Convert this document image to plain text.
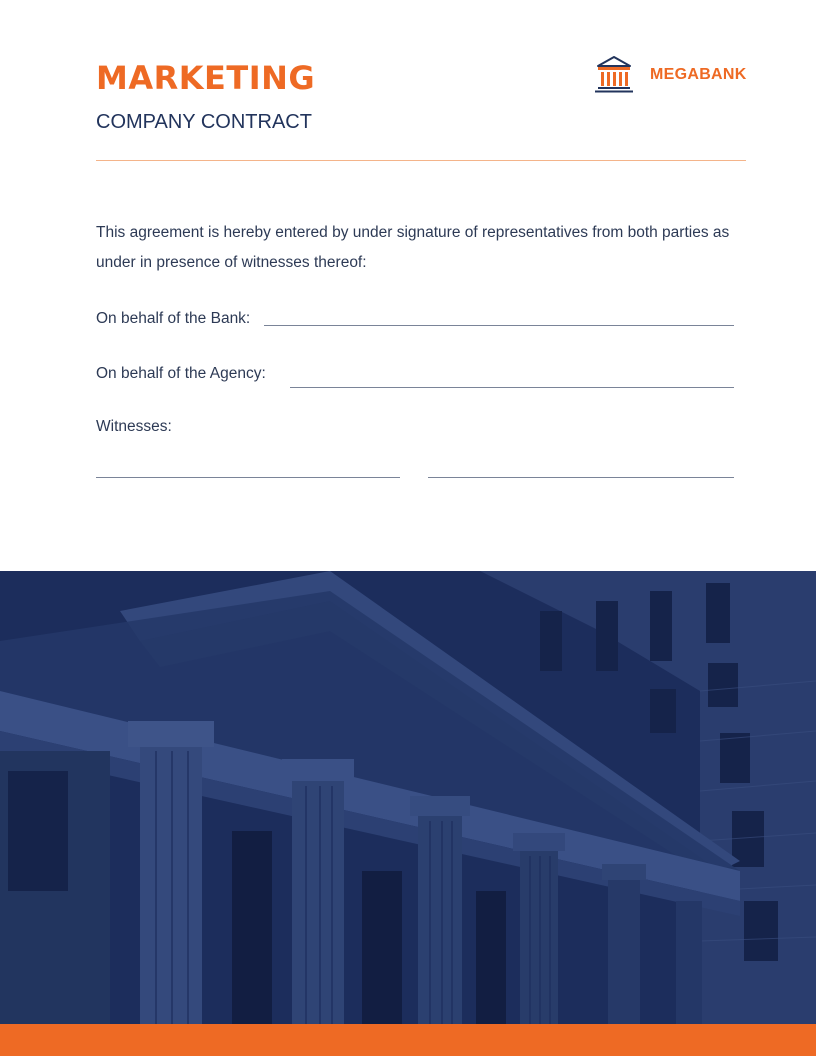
MARKETING
COMPANY CONTRACT
MEGABANK

This agreement is hereby entered by under signature of representatives from both parties as under in presence of witnesses thereof:

On behalf of the Bank:
On behalf of the Agency:
Witnesses:
